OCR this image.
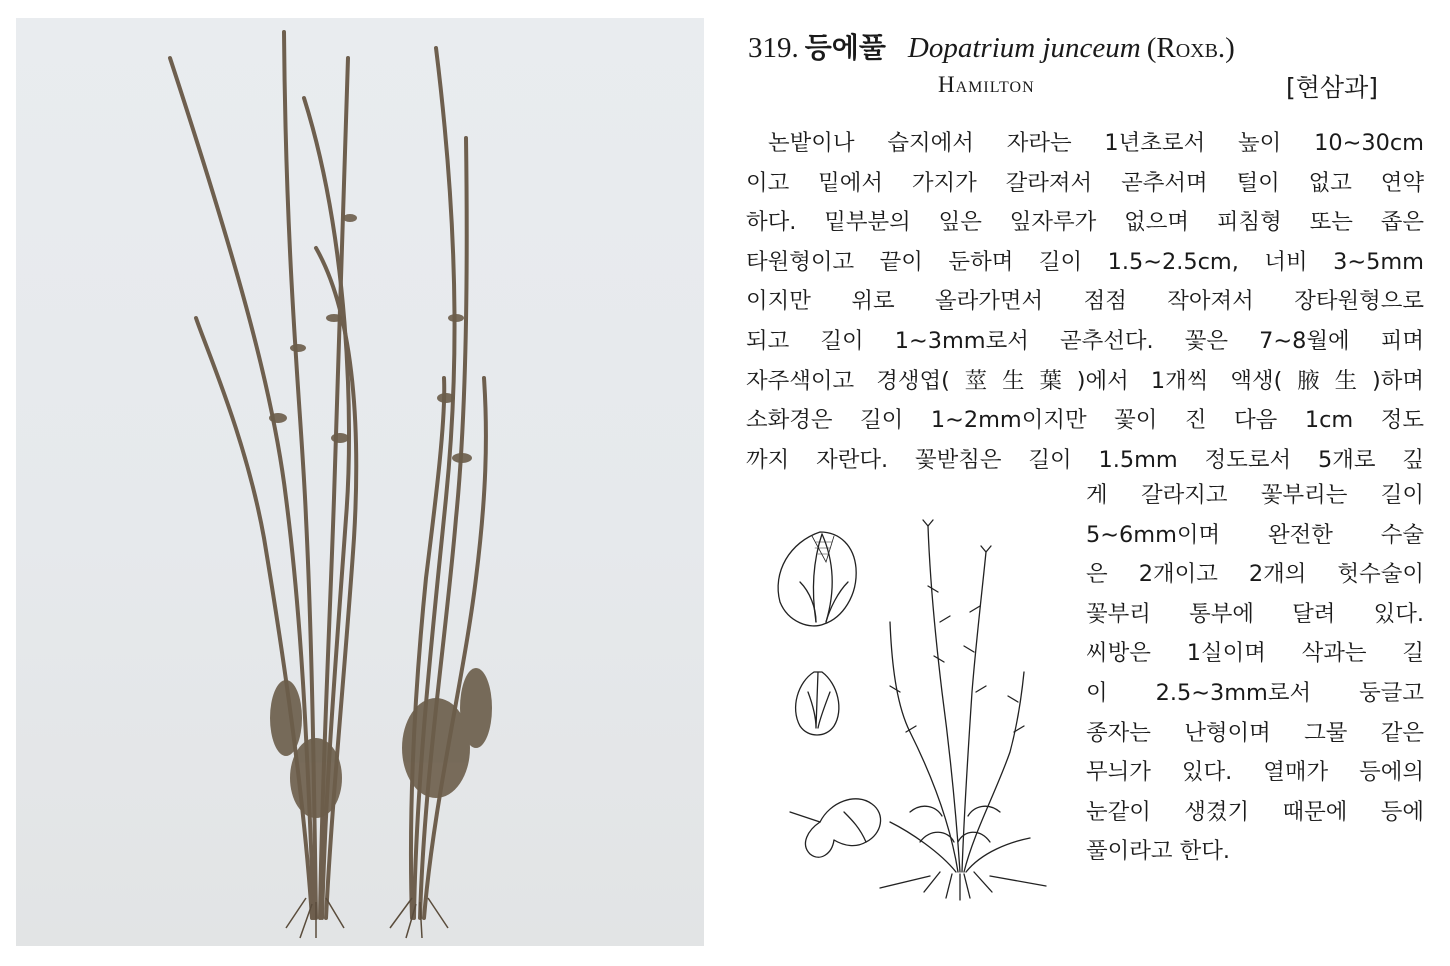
319. 등에풀 Dopatrium junceum (Roxb.)
Hamilton	[현삼과]
논밭이나 습지에서 자라는 1년초로서 높이 10∼30cm
이고 밑에서 가지가 갈라져서 곧추서며 털이 없고 연약
하다. 밑부분의 잎은 잎자루가 없으며 피침형 또는 좁은
타원형이고 끝이 둔하며 길이 1.5∼2.5cm, 너비 3∼5mm
이지만 위로 올라가면서 점점 작아져서 장타원형으로
되고 길이 1∼3mm로서 곧추선다. 꽃은 7∼8월에 피며
자주색이고 경생엽(莖生葉)에서 1개씩 액생(腋生)하며
소화경은 길이 1∼2mm이지만 꽃이 진 다음 1cm 정도
까지 자란다. 꽃받침은 길이 1.5mm 정도로서 5개로 깊
게 갈라지고 꽃부리는 길이
5∼6mm이며 완전한 수술
은 2개이고 2개의 헛수술이
꽃부리 통부에 달려 있다.
씨방은 1실이며 삭과는 길
이 2.5∼3mm로서 둥글고
종자는 난형이며 그물 같은
무늬가 있다. 열매가 등에의
눈같이 생겼기 때문에 등에
풀이라고 한다.
